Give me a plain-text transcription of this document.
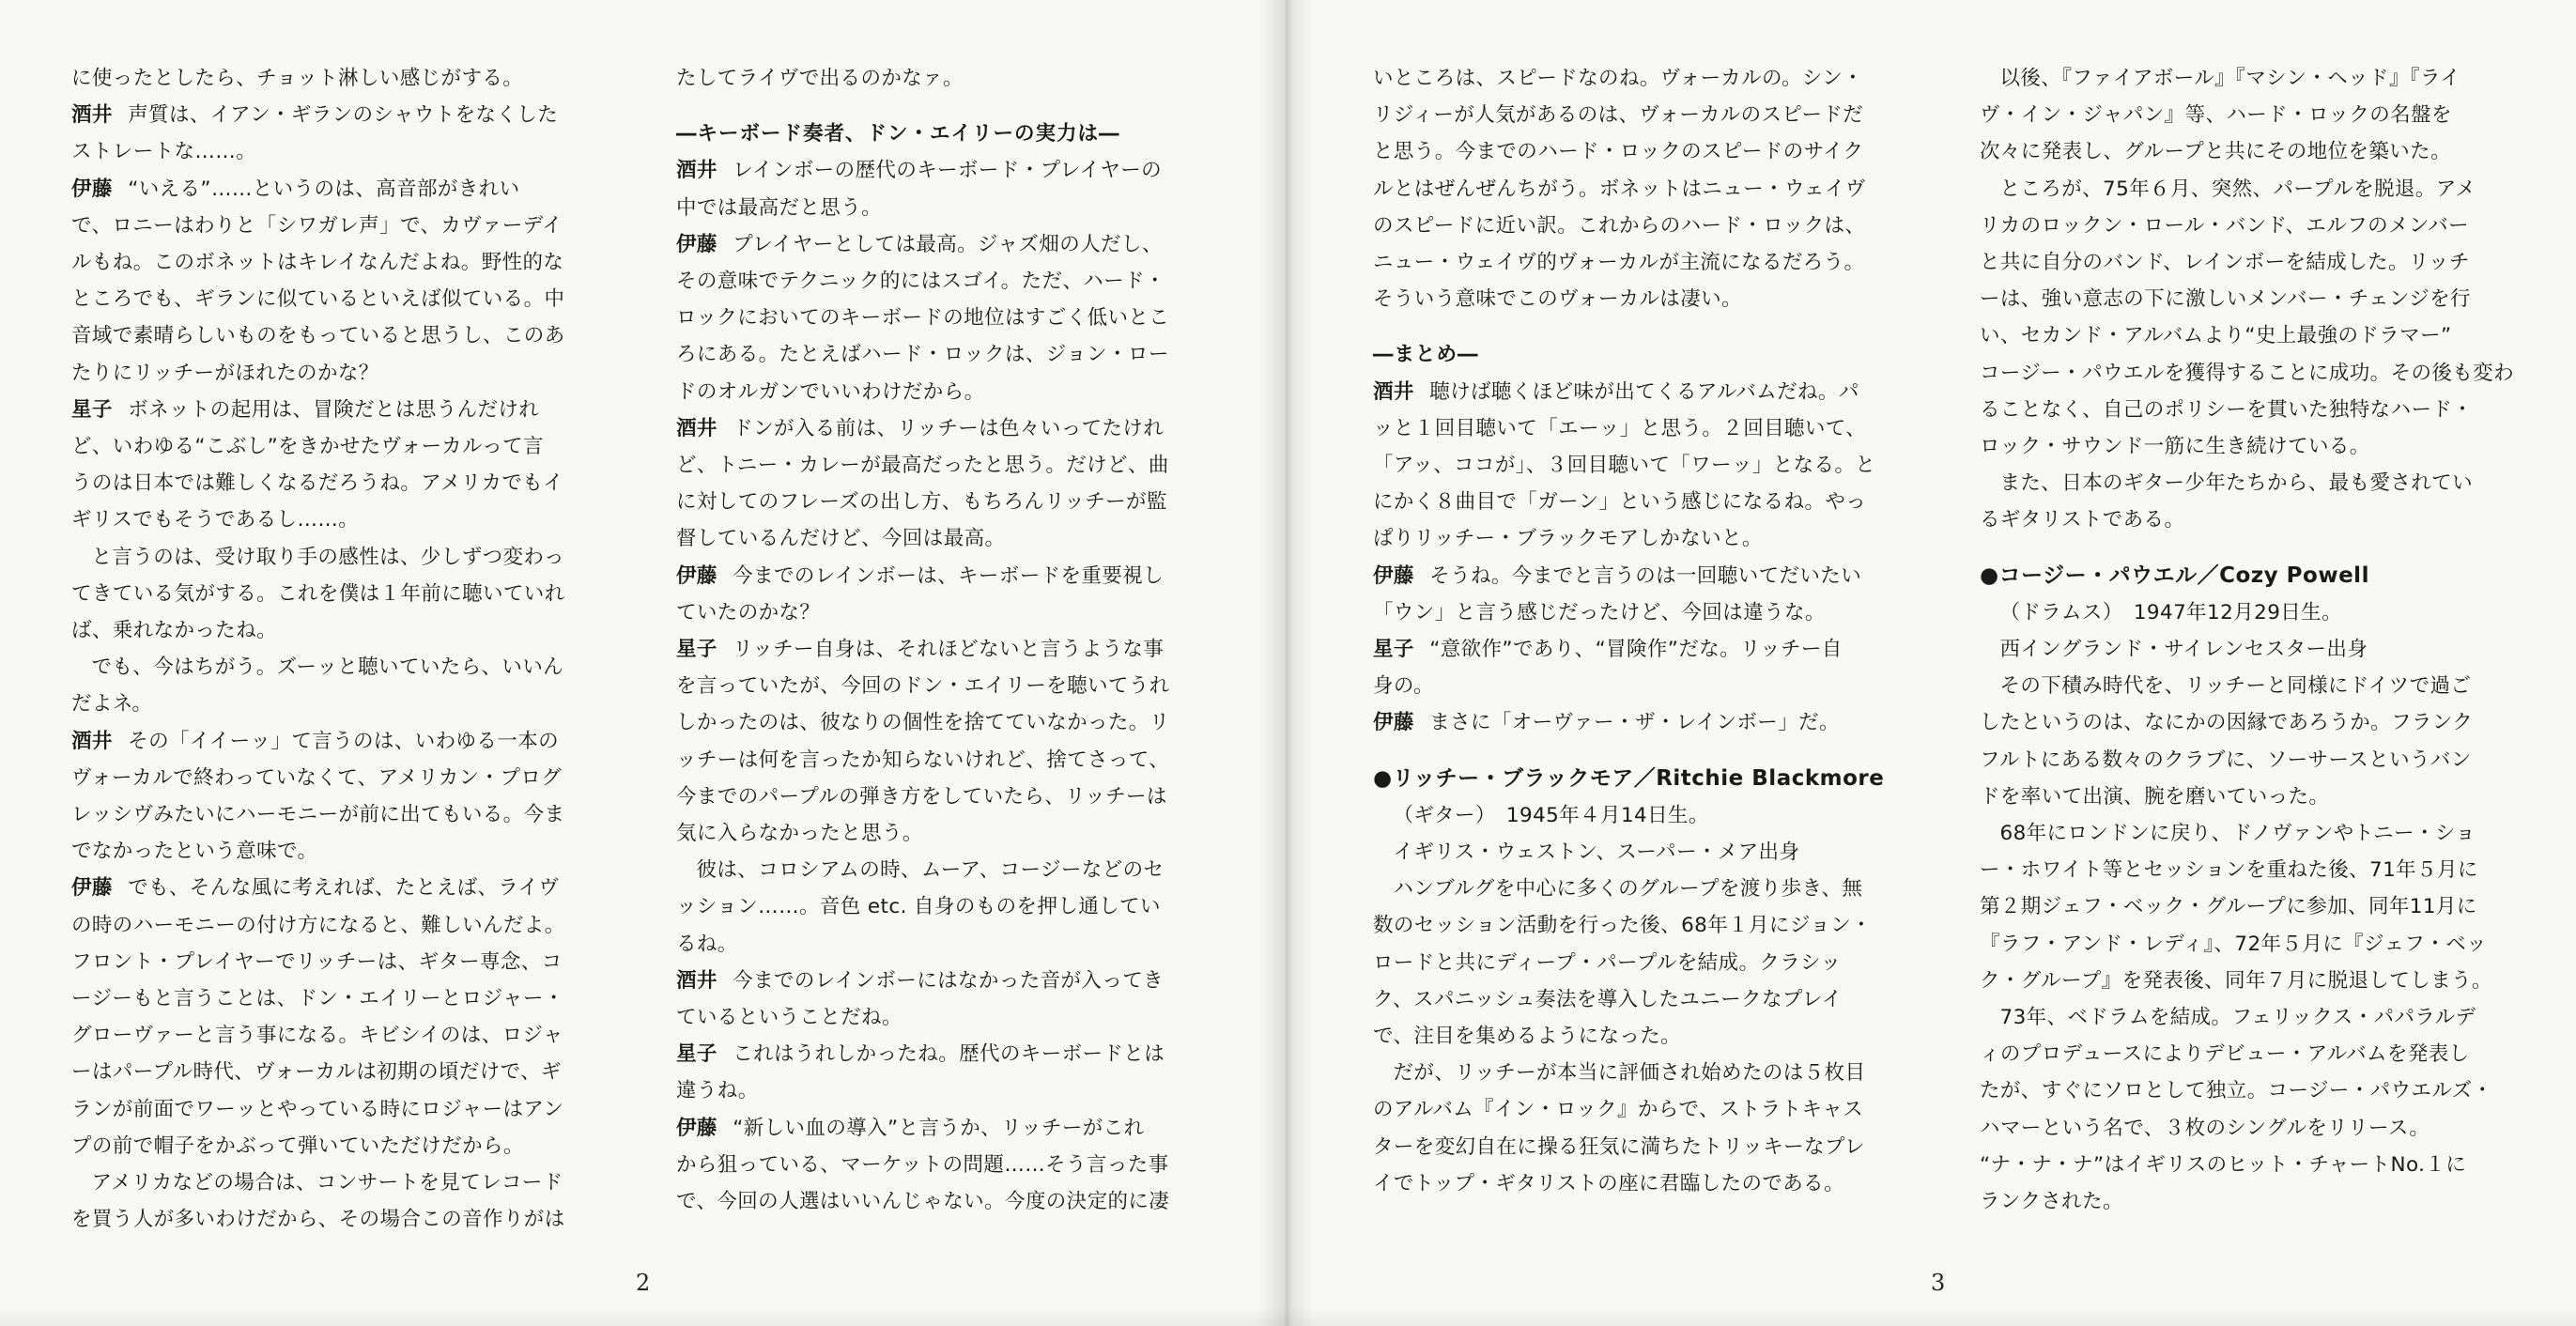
に使ったとしたら、チョット淋しい感じがする。

酒井 声質は、イアン・ギランのシャウトをなくした

ストレートな……。

伊藤 “いえる”……というのは、高音部がきれい

で、ロニーはわりと「シワガレ声」で、カヴァーデイ

ルもね。このボネットはキレイなんだよね。野性的な

ところでも、ギランに似ているといえば似ている。中

音域で素晴らしいものをもっていると思うし、このあ

たりにリッチーがほれたのかな？

星子 ボネットの起用は、冒険だとは思うんだけれ

ど、いわゆる“こぶし”をきかせたヴォーカルって言

うのは日本では難しくなるだろうね。アメリカでもイ

ギリスでもそうであるし……。

と言うのは、受け取り手の感性は、少しずつ変わっ

てきている気がする。これを僕は１年前に聴いていれ

ば、乗れなかったね。

でも、今はちがう。ズーッと聴いていたら、いいん

だよネ。

酒井 その「イイーッ」て言うのは、いわゆる一本の

ヴォーカルで終わっていなくて、アメリカン・プログ

レッシヴみたいにハーモニーが前に出てもいる。今ま

でなかったという意味で。

伊藤 でも、そんな風に考えれば、たとえば、ライヴ

の時のハーモニーの付け方になると、難しいんだよ。

フロント・プレイヤーでリッチーは、ギター専念、コ

ージーもと言うことは、ドン・エイリーとロジャー・

グローヴァーと言う事になる。キビシイのは、ロジャ

ーはパープル時代、ヴォーカルは初期の頃だけで、ギ

ランが前面でワーッとやっている時にロジャーはアン

プの前で帽子をかぶって弾いていただけだから。

アメリカなどの場合は、コンサートを見てレコード

を買う人が多いわけだから、その場合この音作りがは

たしてライヴで出るのかなァ。

―キーボード奏者、ドン・エイリーの実力は―

酒井 レインボーの歴代のキーボード・プレイヤーの

中では最高だと思う。

伊藤 プレイヤーとしては最高。ジャズ畑の人だし、

その意味でテクニック的にはスゴイ。ただ、ハード・

ロックにおいてのキーボードの地位はすごく低いとこ

ろにある。たとえばハード・ロックは、ジョン・ロー

ドのオルガンでいいわけだから。

酒井 ドンが入る前は、リッチーは色々いってたけれ

ど、トニー・カレーが最高だったと思う。だけど、曲

に対してのフレーズの出し方、もちろんリッチーが監

督しているんだけど、今回は最高。

伊藤 今までのレインボーは、キーボードを重要視し

ていたのかな？

星子 リッチー自身は、それほどないと言うような事

を言っていたが、今回のドン・エイリーを聴いてうれ

しかったのは、彼なりの個性を捨てていなかった。リ

ッチーは何を言ったか知らないけれど、捨てさって、

今までのパープルの弾き方をしていたら、リッチーは

気に入らなかったと思う。

彼は、コロシアムの時、ムーア、コージーなどのセ

ッション……。音色 etc. 自身のものを押し通してい

るね。

酒井 今までのレインボーにはなかった音が入ってき

ているということだね。

星子 これはうれしかったね。歴代のキーボードとは

違うね。

伊藤 “新しい血の導入”と言うか、リッチーがこれ

から狙っている、マーケットの問題……そう言った事

で、今回の人選はいいんじゃない。今度の決定的に凄

いところは、スピードなのね。ヴォーカルの。シン・

リジィーが人気があるのは、ヴォーカルのスピードだ

と思う。今までのハード・ロックのスピードのサイク

ルとはぜんぜんちがう。ボネットはニュー・ウェイヴ

のスピードに近い訳。これからのハード・ロックは、

ニュー・ウェイヴ的ヴォーカルが主流になるだろう。

そういう意味でこのヴォーカルは凄い。

―まとめ―

酒井 聴けば聴くほど味が出てくるアルバムだね。パ

ッと１回目聴いて「エーッ」と思う。２回目聴いて、

「アッ、ココが」、３回目聴いて「ワーッ」となる。と

にかく８曲目で「ガーン」という感じになるね。やっ

ぱりリッチー・ブラックモアしかないと。

伊藤 そうね。今までと言うのは一回聴いてだいたい

「ウン」と言う感じだったけど、今回は違うな。

星子 “意欲作”であり、“冒険作”だな。リッチー自

身の。

伊藤 まさに「オーヴァー・ザ・レインボー」だ。

●リッチー・ブラックモア／Ritchie Blackmore

（ギター）　1945年４月14日生。

イギリス・ウェストン、スーパー・メア出身

ハンブルグを中心に多くのグループを渡り歩き、無

数のセッション活動を行った後、68年１月にジョン・

ロードと共にディープ・パープルを結成。クラシッ

ク、スパニッシュ奏法を導入したユニークなプレイ

で、注目を集めるようになった。

だが、リッチーが本当に評価され始めたのは５枚目

のアルバム『イン・ロック』からで、ストラトキャス

ターを変幻自在に操る狂気に満ちたトリッキーなプレ

イでトップ・ギタリストの座に君臨したのである。

以後、『ファイアボール』『マシン・ヘッド』『ライ

ヴ・イン・ジャパン』等、ハード・ロックの名盤を

次々に発表し、グループと共にその地位を築いた。

ところが、75年６月、突然、パープルを脱退。アメ

リカのロックン・ロール・バンド、エルフのメンバー

と共に自分のバンド、レインボーを結成した。リッチ

ーは、強い意志の下に激しいメンバー・チェンジを行

い、セカンド・アルバムより“史上最強のドラマー”

コージー・パウエルを獲得することに成功。その後も変わ

ることなく、自己のポリシーを貫いた独特なハード・

ロック・サウンド一筋に生き続けている。

また、日本のギター少年たちから、最も愛されてい

るギタリストである。

●コージー・パウエル／Cozy Powell

（ドラムス）　1947年12月29日生。

西イングランド・サイレンセスター出身

その下積み時代を、リッチーと同様にドイツで過ご

したというのは、なにかの因縁であろうか。フランク

フルトにある数々のクラブに、ソーサースというバン

ドを率いて出演、腕を磨いていった。

68年にロンドンに戻り、ドノヴァンやトニー・ショ

ー・ホワイト等とセッションを重ねた後、71年５月に

第２期ジェフ・ベック・グループに参加、同年11月に

『ラフ・アンド・レディ』、72年５月に『ジェフ・ベッ

ク・グループ』を発表後、同年７月に脱退してしまう。

73年、ベドラムを結成。フェリックス・パパラルデ

ィのプロデュースによりデビュー・アルバムを発表し

たが、すぐにソロとして独立。コージー・パウエルズ・

ハマーという名で、３枚のシングルをリリース。

“ナ・ナ・ナ”はイギリスのヒット・チャートNo.１に

ランクされた。

2	3
